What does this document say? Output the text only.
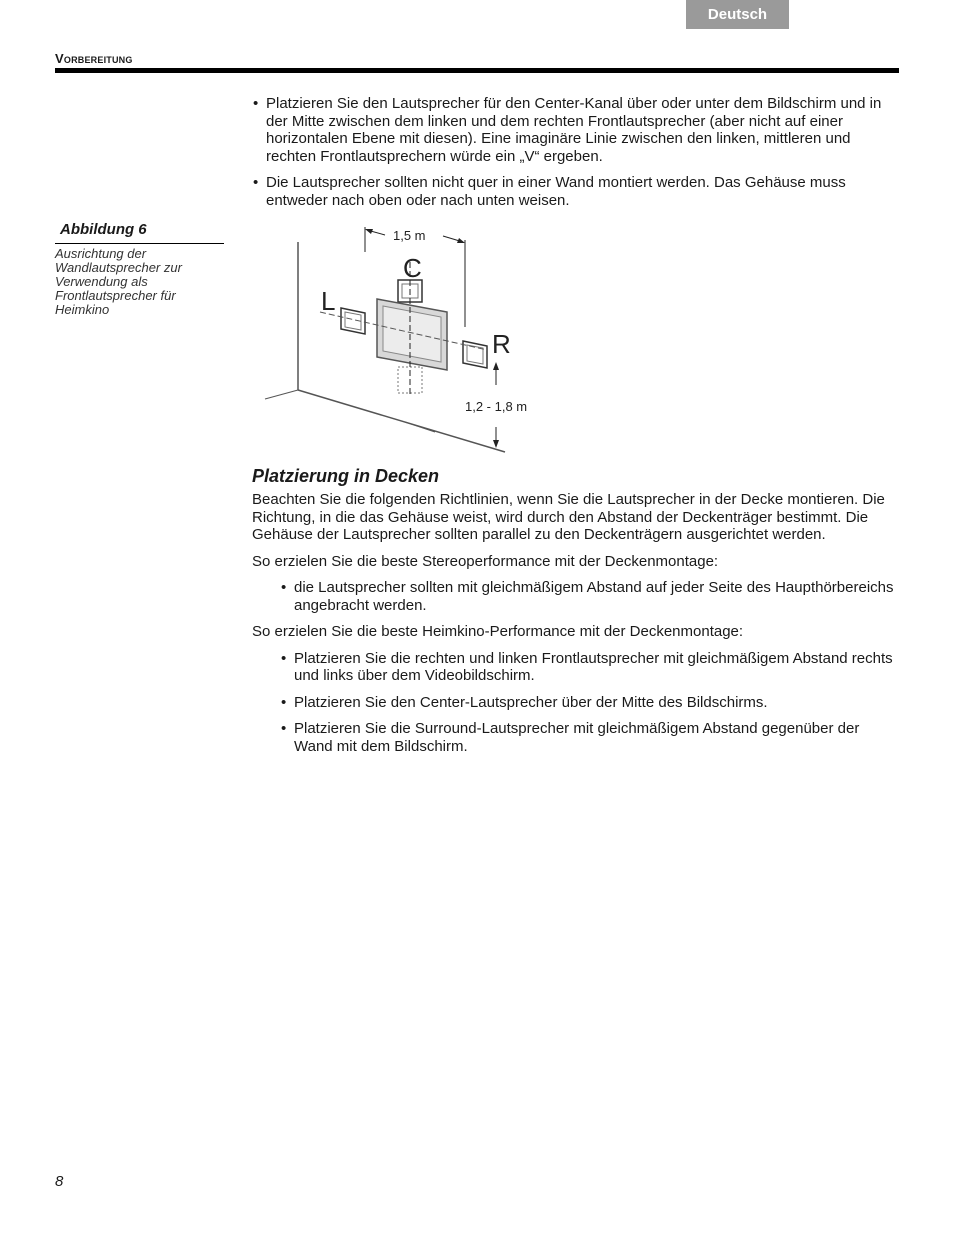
Deutsch
Vorbereitung
• Platzieren Sie den Lautsprecher für den Center-Kanal über oder unter dem Bildschirm und in der Mitte zwischen dem linken und dem rechten Frontlautsprecher (aber nicht auf einer horizontalen Ebene mit diesen). Eine imaginäre Linie zwischen den linken, mittleren und rechten Frontlautsprechern würde ein „V“ ergeben.
• Die Lautsprecher sollten nicht quer in einer Wand montiert werden. Das Gehäuse muss entweder nach oben oder nach unten weisen.
Abbildung 6
Ausrichtung der Wandlautsprecher zur Verwendung als Frontlautsprecher für Heimkino
1,5 m
C
L
R
1,2 - 1,8 m
Platzierung in Decken

Beachten Sie die folgenden Richtlinien, wenn Sie die Lautsprecher in der Decke montieren. Die Richtung, in die das Gehäuse weist, wird durch den Abstand der Deckenträger bestimmt. Die Gehäuse der Lautsprecher sollten parallel zu den Deckenträgern ausgerichtet werden.

So erzielen Sie die beste Stereoperformance mit der Deckenmontage:

• die Lautsprecher sollten mit gleichmäßigem Abstand auf jeder Seite des Haupthörbereichs angebracht werden.

So erzielen Sie die beste Heimkino-Performance mit der Deckenmontage:

• Platzieren Sie die rechten und linken Frontlautsprecher mit gleichmäßigem Abstand rechts und links über dem Videobildschirm.
• Platzieren Sie den Center-Lautsprecher über der Mitte des Bildschirms.
• Platzieren Sie die Surround-Lautsprecher mit gleichmäßigem Abstand gegenüber der Wand mit dem Bildschirm.
8
